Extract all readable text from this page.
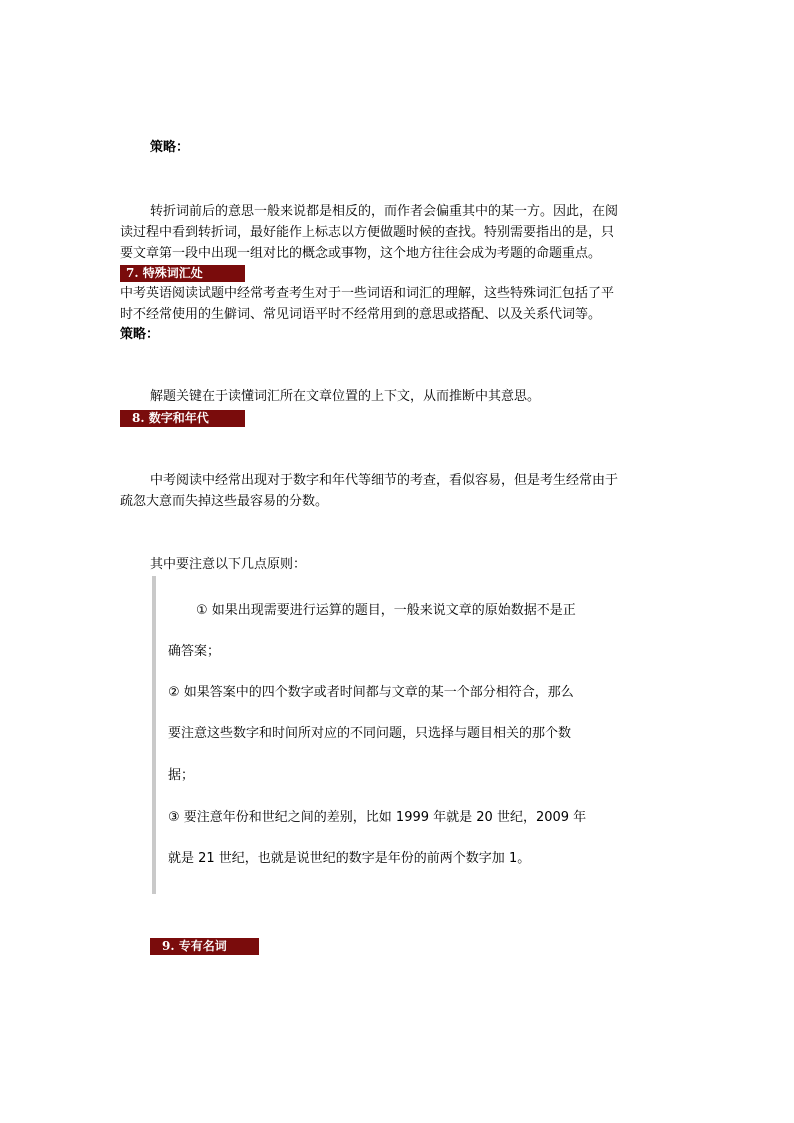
策略：
转折词前后的意思一般来说都是相反的，而作者会偏重其中的某一方。因此，在阅
读过程中看到转折词，最好能作上标志以方便做题时候的查找。特别需要指出的是，只
要文章第一段中出现一组对比的概念或事物，这个地方往往会成为考题的命题重点。
7. 特殊词汇处
中考英语阅读试题中经常考查考生对于一些词语和词汇的理解，这些特殊词汇包括了平
时不经常使用的生僻词、常见词语平时不经常用到的意思或搭配、以及关系代词等。
策略：
解题关键在于读懂词汇所在文章位置的上下文，从而推断中其意思。
8. 数字和年代
中考阅读中经常出现对于数字和年代等细节的考查，看似容易，但是考生经常由于
疏忽大意而失掉这些最容易的分数。
其中要注意以下几点原则：
① 如果出现需要进行运算的题目，一般来说文章的原始数据不是正
确答案；
② 如果答案中的四个数字或者时间都与文章的某一个部分相符合，那么
要注意这些数字和时间所对应的不同问题，只选择与题目相关的那个数
据；
③ 要注意年份和世纪之间的差别，比如 1999 年就是 20 世纪，2009 年
就是 21 世纪，也就是说世纪的数字是年份的前两个数字加 1。
9. 专有名词
